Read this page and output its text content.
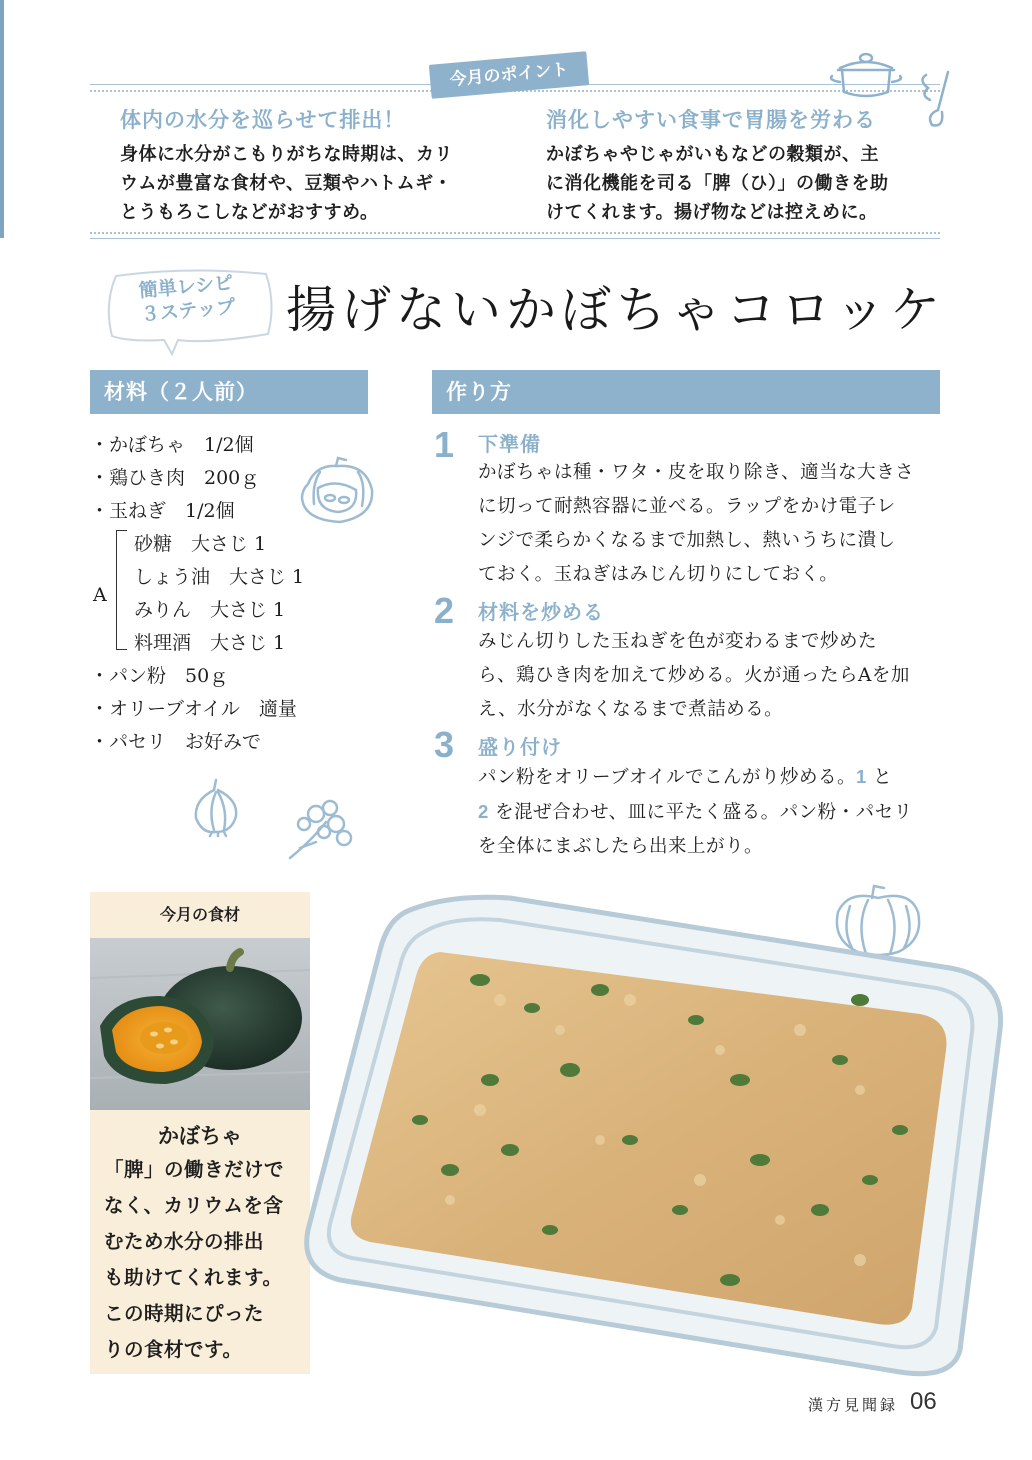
今月のポイント
体内の水分を巡らせて排出！

身体に水分がこもりがちな時期は、カリ
ウムが豊富な食材や、豆類やハトムギ・
とうもろこしなどがおすすめ。

消化しやすい食事で胃腸を労わる

かぼちゃやじゃがいもなどの穀類が、主
に消化機能を司る「脾（ひ）」の働きを助
けてくれます。揚げ物などは控えめに。

簡単レシピ
３ステップ 揚げないかぼちゃコロッケ
材料（２人前）
・かぼちゃ　1/2個
・鶏ひき肉　200ｇ
・玉ねぎ　1/2個
A
砂糖　大さじ 1
しょう油　大さじ 1
みりん　大さじ 1
料理酒　大さじ 1
・パン粉　50ｇ
・オリーブオイル　適量
・パセリ　お好みで
作り方
1 下準備
かぼちゃは種・ワタ・皮を取り除き、適当な大きさ
に切って耐熱容器に並べる。ラップをかけ電子レ
ンジで柔らかくなるまで加熱し、熱いうちに潰し
ておく。玉ねぎはみじん切りにしておく。
2 材料を炒める
みじん切りした玉ねぎを色が変わるまで炒めた
ら、鶏ひき肉を加えて炒める。火が通ったらAを加
え、水分がなくなるまで煮詰める。
3 盛り付け
パン粉をオリーブオイルでこんがり炒める。1 と
2 を混ぜ合わせ、皿に平たく盛る。パン粉・パセリ
を全体にまぶしたら出来上がり。
今月の食材
かぼちゃ
「脾」の働きだけで
なく、カリウムを含
むため水分の排出
も助けてくれます。
この時期にぴった
りの食材です。
漢方見聞録 06
